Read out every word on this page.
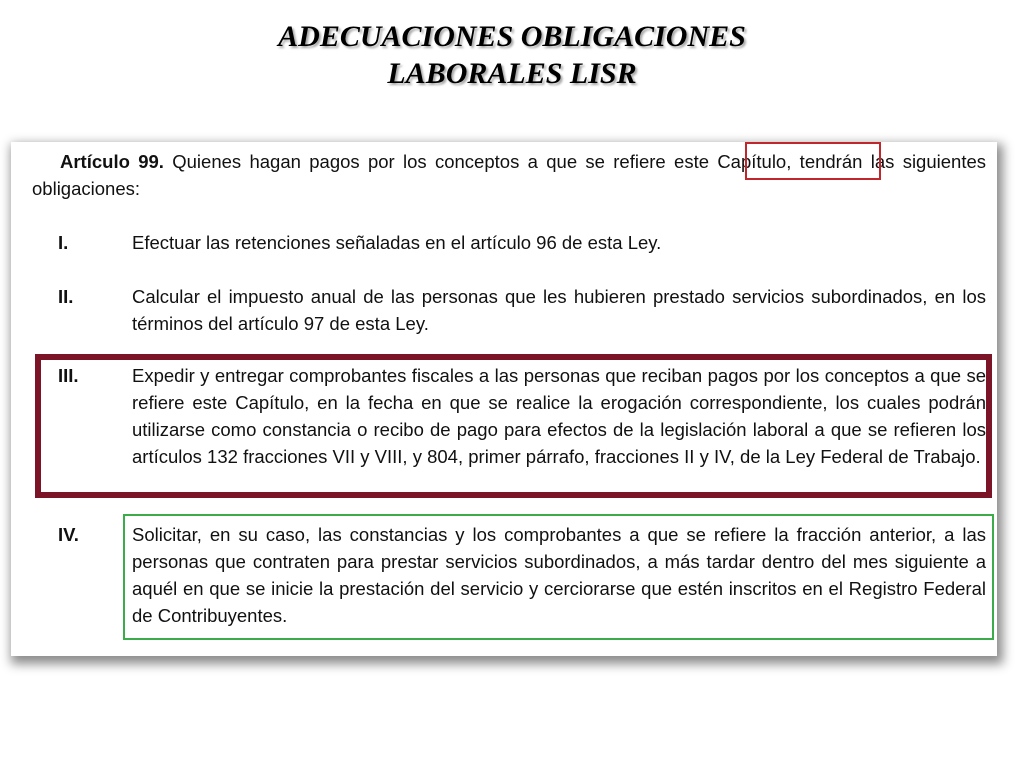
ADECUACIONES OBLIGACIONES
LABORALES LISR
Artículo 99. Quienes hagan pagos por los conceptos a que se refiere este Capítulo, tendrán las siguientes obligaciones:
I.	Efectuar las retenciones señaladas en el artículo 96 de esta Ley.
II.	Calcular el impuesto anual de las personas que les hubieren prestado servicios subordinados, en los términos del artículo 97 de esta Ley.
III.	Expedir y entregar comprobantes fiscales a las personas que reciban pagos por los conceptos a que se refiere este Capítulo, en la fecha en que se realice la erogación correspondiente, los cuales podrán utilizarse como constancia o recibo de pago para efectos de la legislación laboral a que se refieren los artículos 132 fracciones VII y VIII, y 804, primer párrafo, fracciones II y IV, de la Ley Federal de Trabajo.
IV.	Solicitar, en su caso, las constancias y los comprobantes a que se refiere la fracción anterior, a las personas que contraten para prestar servicios subordinados, a más tardar dentro del mes siguiente a aquél en que se inicie la prestación del servicio y cerciorarse que estén inscritos en el Registro Federal de Contribuyentes.
